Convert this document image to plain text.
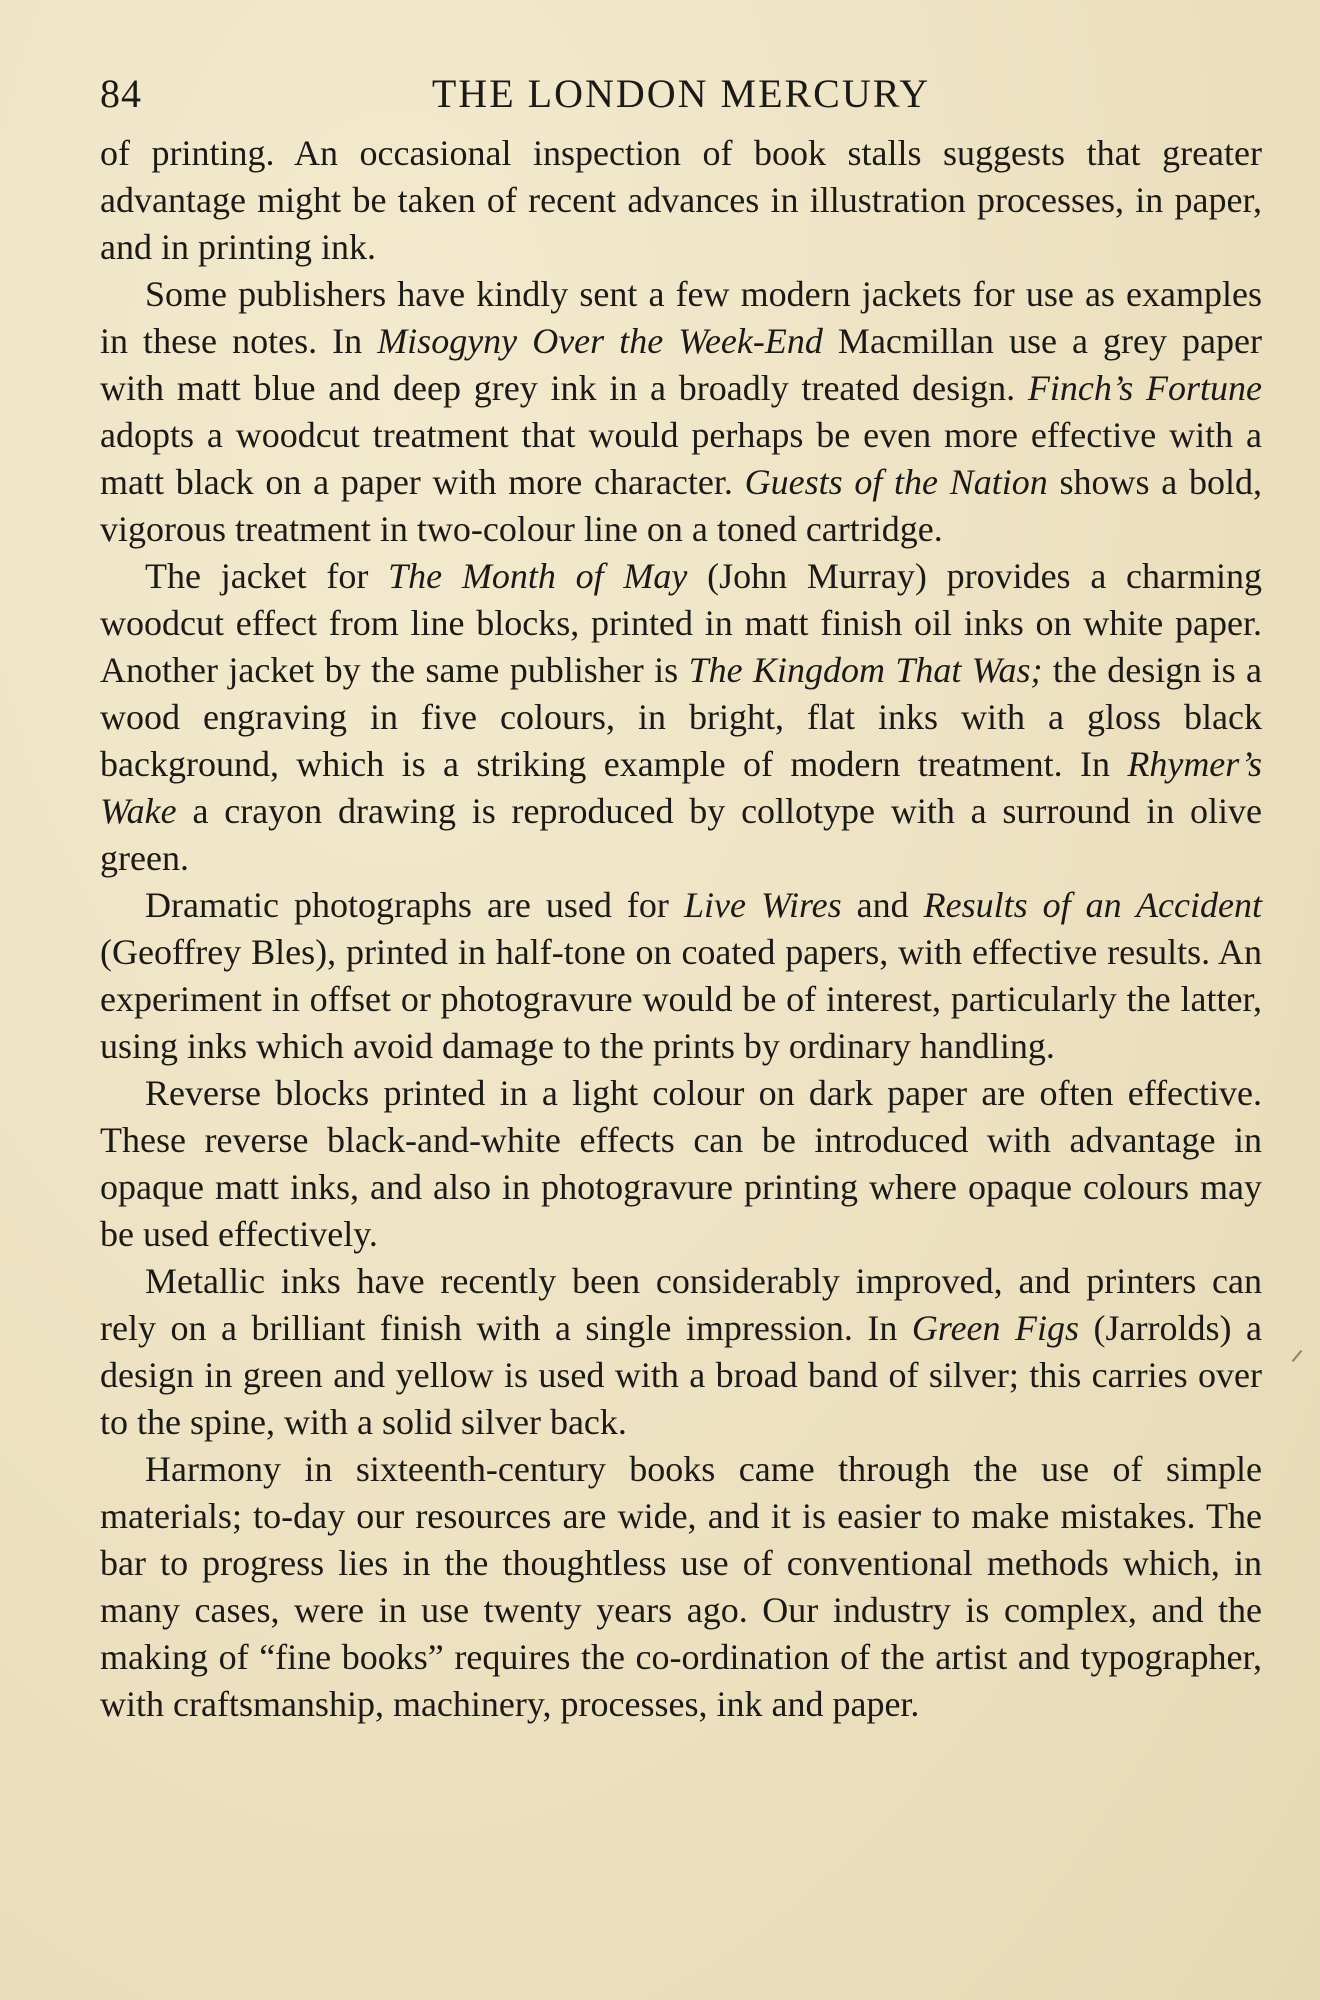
84	THE LONDON MERCURY

of printing. An occasional inspection of book stalls suggests that greater advantage might be taken of recent advances in illustration processes, in paper, and in printing ink.

Some publishers have kindly sent a few modern jackets for use as examples in these notes. In Misogyny Over the Week-End Macmillan use a grey paper with matt blue and deep grey ink in a broadly treated design. Finch’s Fortune adopts a woodcut treatment that would perhaps be even more effective with a matt black on a paper with more character. Guests of the Nation shows a bold, vigorous treatment in two-colour line on a toned cartridge.

The jacket for The Month of May (John Murray) provides a charming woodcut effect from line blocks, printed in matt finish oil inks on white paper. Another jacket by the same publisher is The Kingdom That Was; the design is a wood engraving in five colours, in bright, flat inks with a gloss black background, which is a striking example of modern treatment. In Rhymer’s Wake a crayon drawing is reproduced by collotype with a surround in olive green.

Dramatic photographs are used for Live Wires and Results of an Accident (Geoffrey Bles), printed in half-tone on coated papers, with effective results. An experiment in offset or photogravure would be of interest, particularly the latter, using inks which avoid damage to the prints by ordinary handling.

Reverse blocks printed in a light colour on dark paper are often effective. These reverse black-and-white effects can be introduced with advantage in opaque matt inks, and also in photogravure printing where opaque colours may be used effectively.

Metallic inks have recently been considerably improved, and printers can rely on a brilliant finish with a single impression. In Green Figs (Jarrolds) a design in green and yellow is used with a broad band of silver; this carries over to the spine, with a solid silver back.

Harmony in sixteenth-century books came through the use of simple materials; to-day our resources are wide, and it is easier to make mistakes. The bar to progress lies in the thoughtless use of conventional methods which, in many cases, were in use twenty years ago. Our industry is complex, and the making of “fine books” requires the co-ordination of the artist and typographer, with craftsmanship, machinery, processes, ink and paper.
